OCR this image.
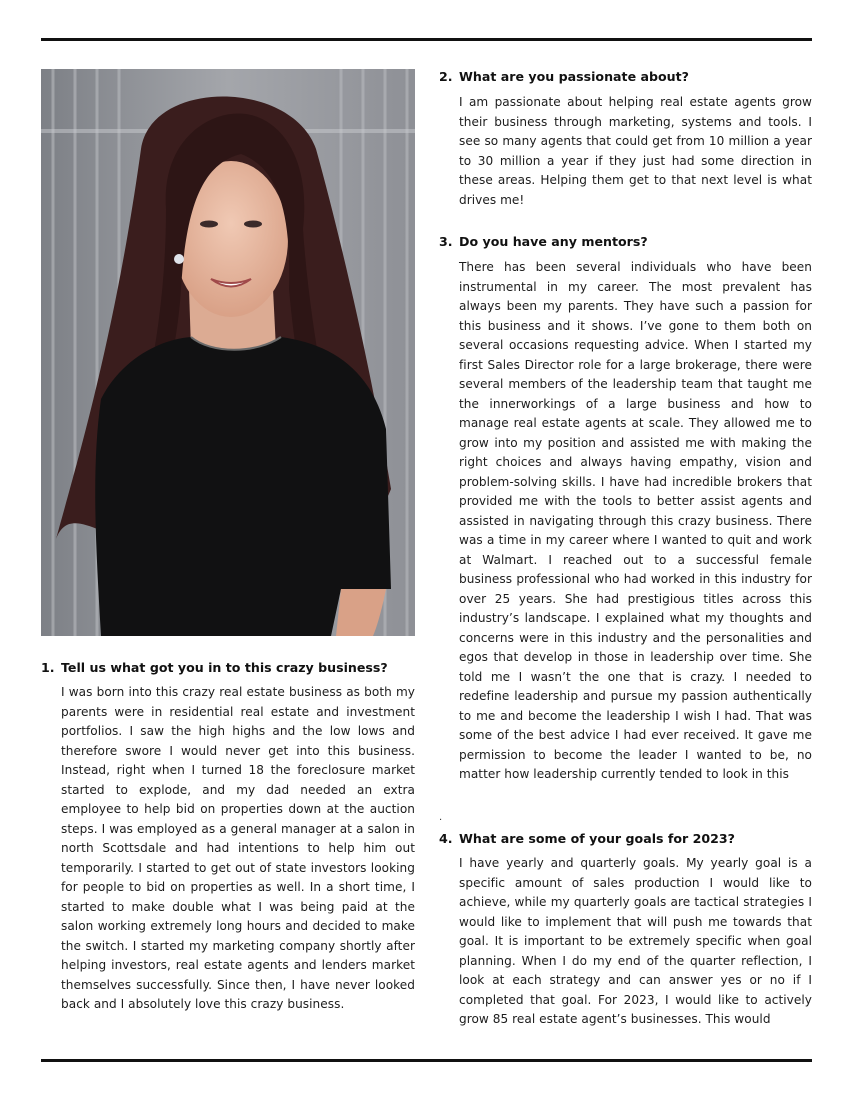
1. Tell us what got you in to this crazy business?
I was born into this crazy real estate business as both my parents were in residential real estate and investment portfolios. I saw the high highs and the low lows and therefore swore I would never get into this business. Instead, right when I turned 18 the foreclosure market started to explode, and my dad needed an extra employee to help bid on properties down at the auction steps. I was employed as a general manager at a salon in north Scottsdale and had intentions to help him out temporarily. I started to get out of state investors looking for people to bid on properties as well. In a short time, I started to make double what I was being paid at the salon working extremely long hours and decided to make the switch. I started my marketing company shortly after helping investors, real estate agents and lenders market themselves successfully. Since then, I have never looked back and I absolutely love this crazy business.
2. What are you passionate about?
I am passionate about helping real estate agents grow their business through marketing, systems and tools. I see so many agents that could get from 10 million a year to 30 million a year if they just had some direction in these areas. Helping them get to that next level is what drives me!
3. Do you have any mentors?
There has been several individuals who have been instrumental in my career. The most prevalent has always been my parents. They have such a passion for this business and it shows. I’ve gone to them both on several occasions requesting advice. When I started my first Sales Director role for a large brokerage, there were several members of the leadership team that taught me the innerworkings of a large business and how to manage real estate agents at scale. They allowed me to grow into my position and assisted me with making the right choices and always having empathy, vision and problem-solving skills. I have had incredible brokers that provided me with the tools to better assist agents and assisted in navigating through this crazy business. There was a time in my career where I wanted to quit and work at Walmart. I reached out to a successful female business professional who had worked in this industry for over 25 years. She had prestigious titles across this industry’s landscape. I explained what my thoughts and concerns were in this industry and the personalities and egos that develop in those in leadership over time. She told me I wasn’t the one that is crazy. I needed to redefine leadership and pursue my passion authentically to me and become the leadership I wish I had. That was some of the best advice I had ever received. It gave me permission to become the leader I wanted to be, no matter how leadership currently tended to look in this
.
4. What are some of your goals for 2023?
I have yearly and quarterly goals. My yearly goal is a specific amount of sales production I would like to achieve, while my quarterly goals are tactical strategies I would like to implement that will push me towards that goal. It is important to be extremely specific when goal planning. When I do my end of the quarter reflection, I look at each strategy and can answer yes or no if I completed that goal. For 2023, I would like to actively grow 85 real estate agent’s businesses. This would
